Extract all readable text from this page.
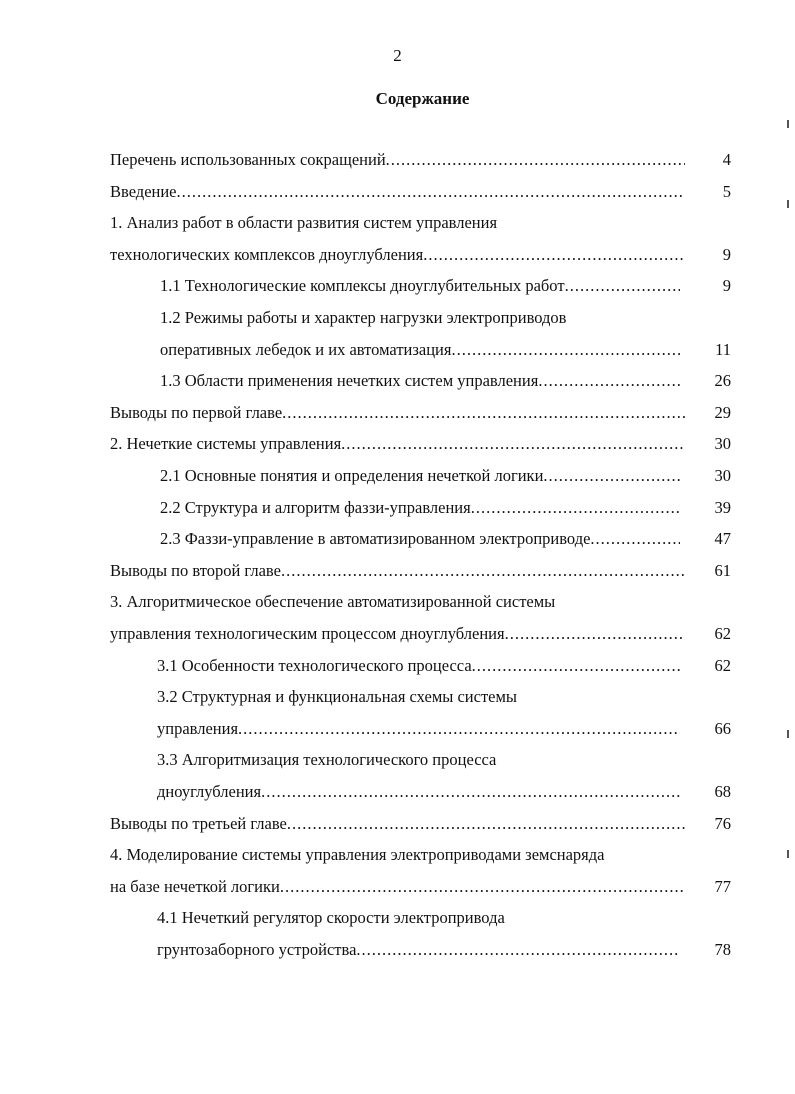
2
Содержание
Перечень использованных сокращений .....	4
Введение .....	5
1. Анализ работ в области развития систем управления
технологических комплексов дноуглубления .....	9
1.1 Технологические комплексы дноуглубительных работ .....	9
1.2 Режимы работы и характер нагрузки электроприводов
оперативных лебедок и их автоматизация .....	11
1.3 Области применения нечетких систем управления .....	26
Выводы по первой главе .....	29
2. Нечеткие системы управления .....	30
2.1 Основные понятия и определения нечеткой логики .....	30
2.2 Структура и алгоритм фаззи-управления .....	39
2.3 Фаззи-управление в автоматизированном электроприводе .....	47
Выводы по второй главе .....	61
3. Алгоритмическое обеспечение автоматизированной системы
управления технологическим процессом дноуглубления .....	62
3.1 Особенности технологического процесса .....	62
3.2 Структурная и функциональная схемы системы
управления .....	66
3.3 Алгоритмизация технологического процесса
дноуглубления .....	68
Выводы по третьей главе .....	76
4. Моделирование системы управления электроприводами земснаряда
на базе нечеткой логики .....	77
4.1 Нечеткий регулятор скорости электропривода
грунтозаборного устройства .....	78
